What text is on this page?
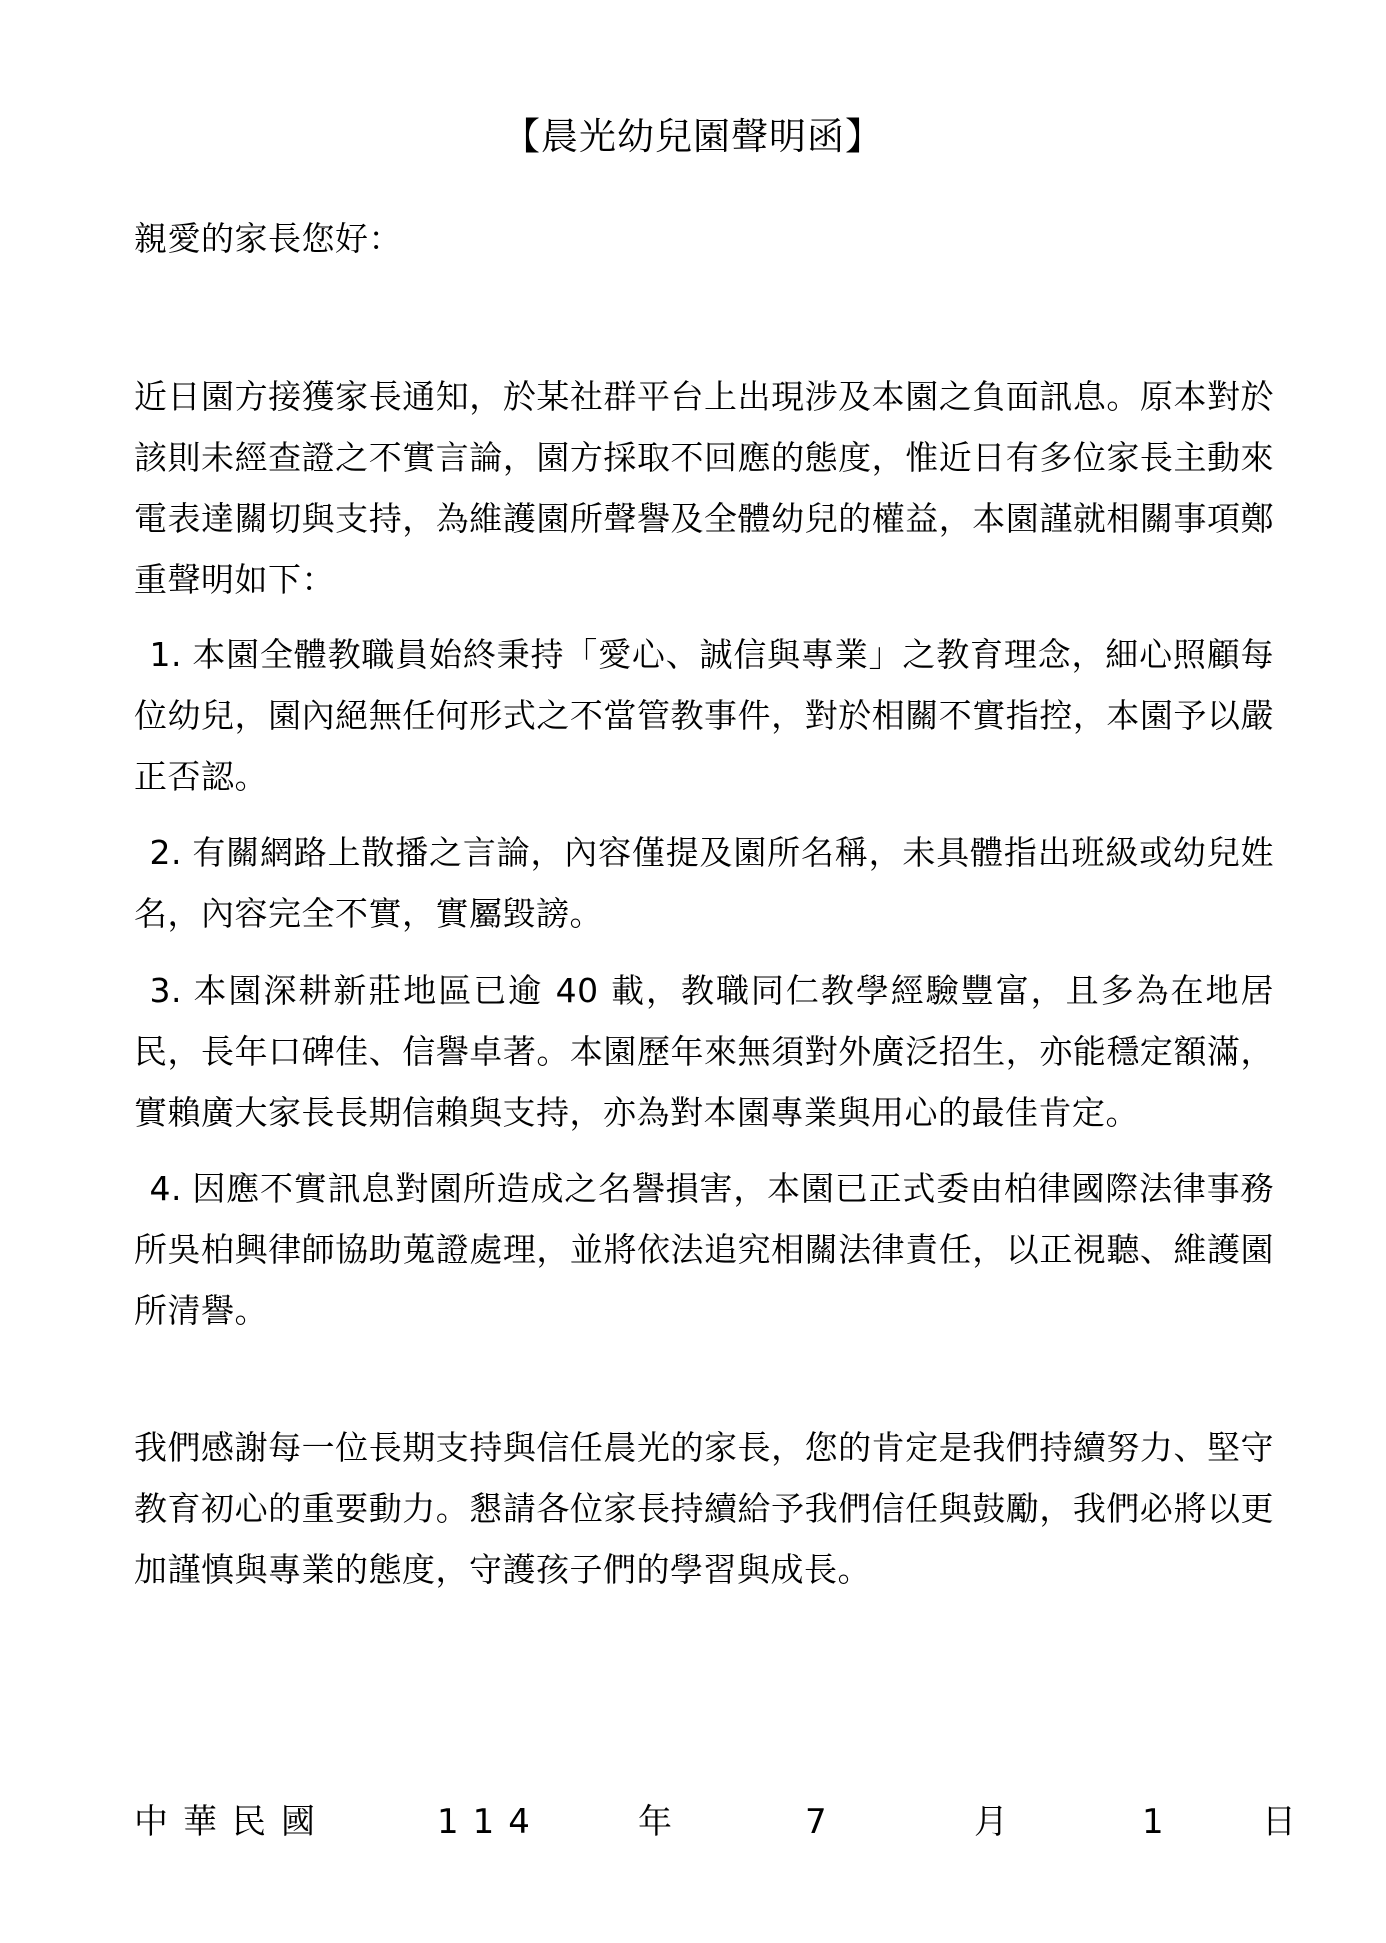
【晨光幼兒園聲明函】
親愛的家長您好：

近日園方接獲家長通知，於某社群平台上出現涉及本園之負面訊息。原本對於該則未經查證之不實言論，園方採取不回應的態度，惟近日有多位家長主動來電表達關切與支持，為維護園所聲譽及全體幼兒的權益，本園謹就相關事項鄭重聲明如下：

1. 本園全體教職員始終秉持「愛心、誠信與專業」之教育理念，細心照顧每位幼兒，園內絕無任何形式之不當管教事件，對於相關不實指控，本園予以嚴正否認。

2. 有關網路上散播之言論，內容僅提及園所名稱，未具體指出班級或幼兒姓名，內容完全不實，實屬毀謗。

3. 本園深耕新莊地區已逾 40 載，教職同仁教學經驗豐富，且多為在地居民，長年口碑佳、信譽卓著。本園歷年來無須對外廣泛招生，亦能穩定額滿，實賴廣大家長長期信賴與支持，亦為對本園專業與用心的最佳肯定。

4. 因應不實訊息對園所造成之名譽損害，本園已正式委由柏律國際法律事務所吳柏興律師協助蒐證處理，並將依法追究相關法律責任，以正視聽、維護園所清譽。

我們感謝每一位長期支持與信任晨光的家長，您的肯定是我們持續努力、堅守教育初心的重要動力。懇請各位家長持續給予我們信任與鼓勵，我們必將以更加謹慎與專業的態度，守護孩子們的學習與成長。

中華民國	114	年	7	月	1	日
